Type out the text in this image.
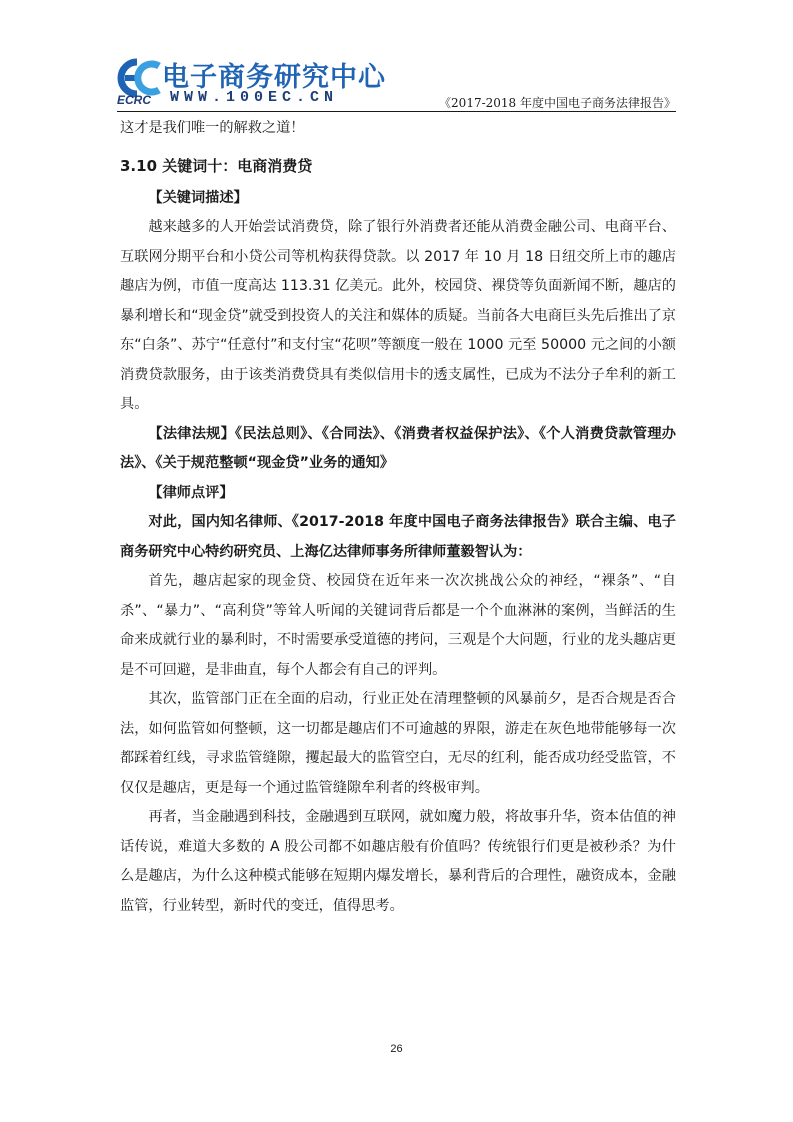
电子商务研究中心
ECRC WWW.100EC.CN	《2017-2018 年度中国电子商务法律报告》

这才是我们唯一的解救之道！

3.10 关键词十：电商消费贷

【关键词描述】

越来越多的人开始尝试消费贷，除了银行外消费者还能从消费金融公司、电商平台、互联网分期平台和小贷公司等机构获得贷款。以 2017 年 10 月 18 日纽交所上市的趣店趣店为例，市值一度高达 113.31 亿美元。此外，校园贷、裸贷等负面新闻不断，趣店的暴利增长和“现金贷”就受到投资人的关注和媒体的质疑。当前各大电商巨头先后推出了京东“白条”、苏宁“任意付”和支付宝“花呗”等额度一般在 1000 元至 50000 元之间的小额消费贷款服务，由于该类消费贷具有类似信用卡的透支属性，已成为不法分子牟利的新工具。

【法律法规】《民法总则》、《合同法》、《消费者权益保护法》、《个人消费贷款管理办法》、《关于规范整顿“现金贷”业务的通知》

【律师点评】

对此，国内知名律师、《2017-2018 年度中国电子商务法律报告》联合主编、电子商务研究中心特约研究员、上海亿达律师事务所律师董毅智认为：

首先，趣店起家的现金贷、校园贷在近年来一次次挑战公众的神经，“裸条”、“自杀”、“暴力”、“高利贷”等耸人听闻的关键词背后都是一个个血淋淋的案例，当鲜活的生命来成就行业的暴利时，不时需要承受道德的拷问，三观是个大问题，行业的龙头趣店更是不可回避，是非曲直，每个人都会有自己的评判。

其次，监管部门正在全面的启动，行业正处在清理整顿的风暴前夕，是否合规是否合法，如何监管如何整顿，这一切都是趣店们不可逾越的界限，游走在灰色地带能够每一次都踩着红线，寻求监管缝隙，攫起最大的监管空白，无尽的红利，能否成功经受监管，不仅仅是趣店，更是每一个通过监管缝隙牟利者的终极审判。

再者，当金融遇到科技，金融遇到互联网，就如魔力般，将故事升华，资本估值的神话传说，难道大多数的 A 股公司都不如趣店般有价值吗？传统银行们更是被秒杀？为什么是趣店，为什么这种模式能够在短期内爆发增长，暴利背后的合理性，融资成本，金融监管，行业转型，新时代的变迁，值得思考。

26
